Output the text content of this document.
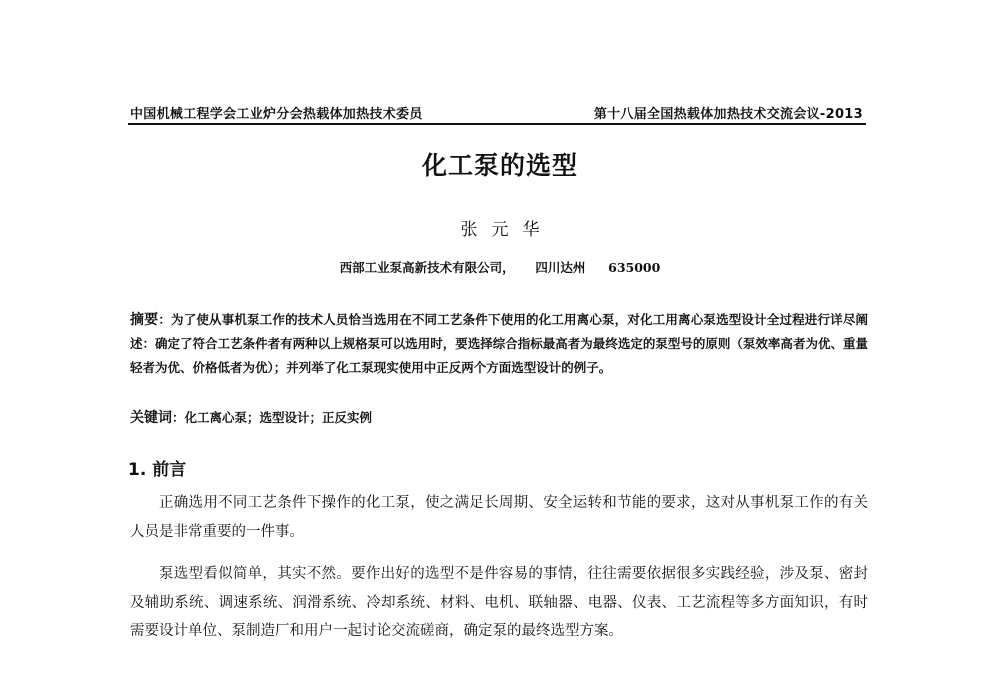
中国机械工程学会工业炉分会热载体加热技术委员	第十八届全国热载体加热技术交流会议-2013
化工泵的选型
张元华
西部工业泵高新技术有限公司， 四川达州 635000
摘要：为了使从事机泵工作的技术人员恰当选用在不同工艺条件下使用的化工用离心泵，对化工用离心泵选型设计全过程进行详尽阐述：确定了符合工艺条件者有两种以上规格泵可以选用时，要选择综合指标最高者为最终选定的泵型号的原则（泵效率高者为优、重量轻者为优、价格低者为优）；并列举了化工泵现实使用中正反两个方面选型设计的例子。
关键词：化工离心泵；选型设计；正反实例
1. 前言
正确选用不同工艺条件下操作的化工泵，使之满足长周期、安全运转和节能的要求，这对从事机泵工作的有关人员是非常重要的一件事。
泵选型看似简单，其实不然。要作出好的选型不是件容易的事情，往往需要依据很多实践经验，涉及泵、密封及辅助系统、调速系统、润滑系统、冷却系统、材料、电机、联轴器、电器、仪表、工艺流程等多方面知识，有时需要设计单位、泵制造厂和用户一起讨论交流磋商，确定泵的最终选型方案。
